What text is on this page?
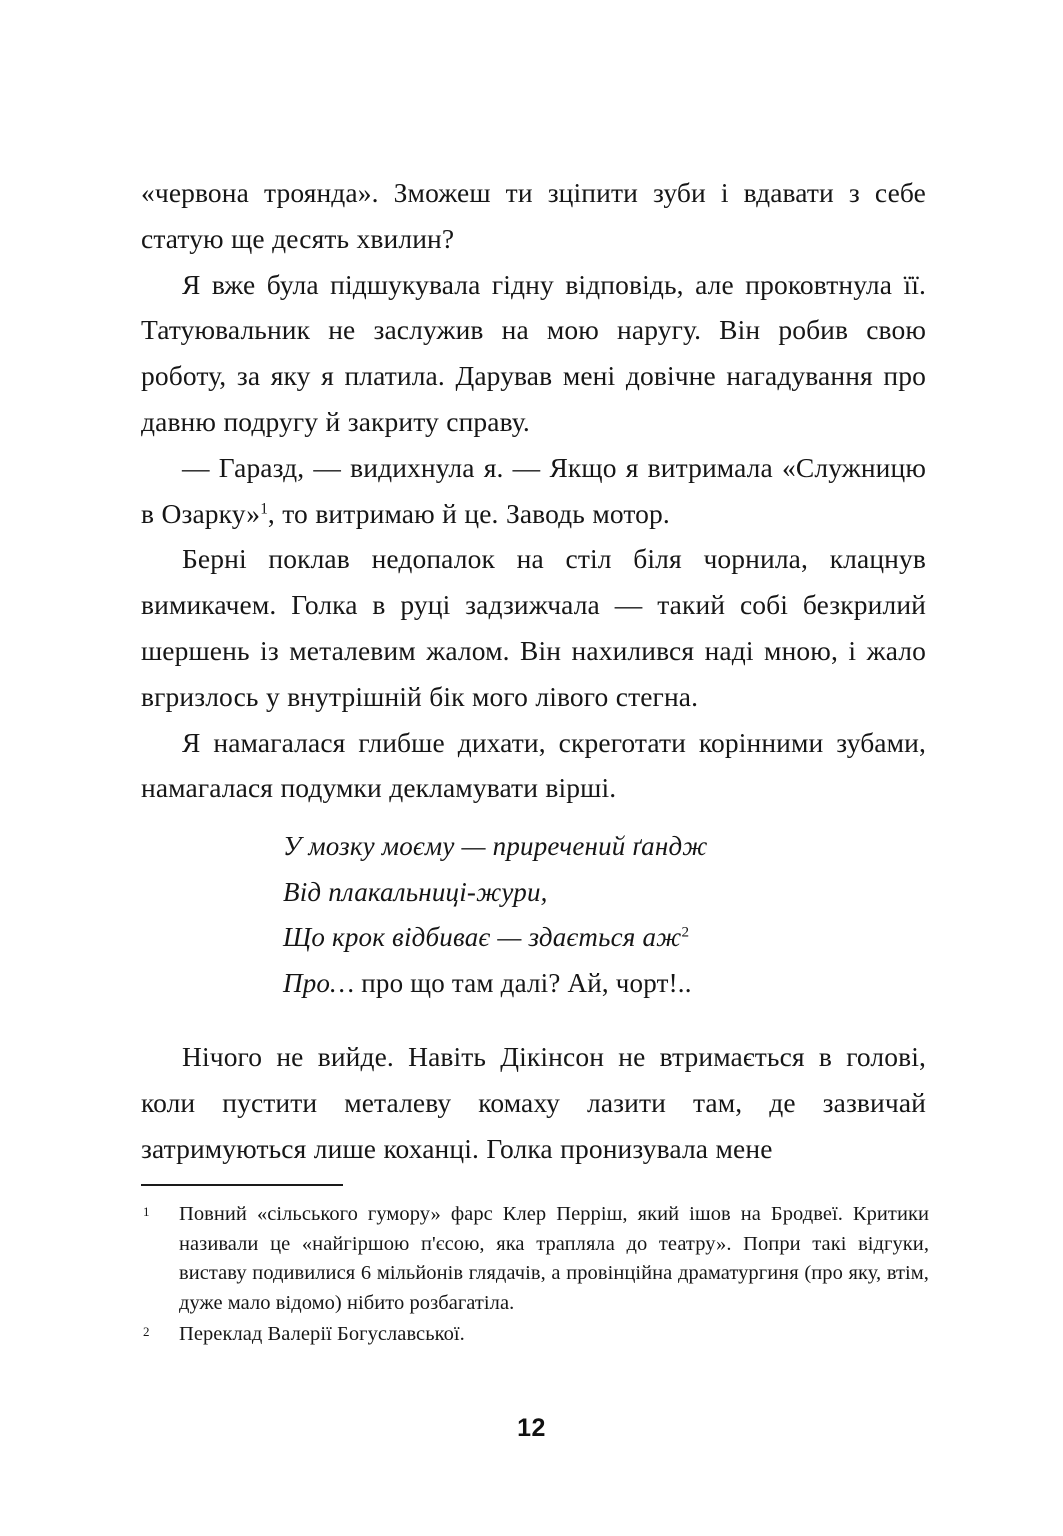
«червона троянда». Зможеш ти зціпити зуби і вдавати з себе статую ще десять хвилин?

Я вже була підшукувала гідну відповідь, але проковтнула її. Татуювальник не заслужив на мою наругу. Він робив свою роботу, за яку я платила. Дарував мені довічне нагадування про давню подругу й закриту справу.

— Гаразд, — видихнула я. — Якщо я витримала «Служницю в Озарку»$^1$, то витримаю й це. Заводь мотор.

Берні поклав недопалок на стіл біля чорнила, клацнув вимикачем. Голка в руці задзижчала — такий собі безкрилий шершень із металевим жалом. Він нахилився наді мною, і жало вгризлось у внутрішній бік мого лівого стегна.

Я намагалася глибше дихати, скреготати корінними зубами, намагалася подумки декламувати вірші.

У мозку моєму — приречений ґандж

Від плакальниці-жури,

Що крок відбиває — здається аж$^2$

Про… про що там далі? Ай, чорт!..

Нічого не вийде. Навіть Дікінсон не втримається в голові, коли пустити металеву комаху лазити там, де зазвичай затримуються лише коханці. Голка пронизувала мене

1 Повний «сільського гумору» фарс Клер Перріш, який ішов на Бродвеї. Критики називали це «найгіршою п'єсою, яка трапляла до театру». Попри такі відгуки, виставу подивилися 6 мільйонів глядачів, а провінційна драматургиня (про яку, втім, дуже мало відомо) нібито розбагатіла.

2 Переклад Валерії Богуславської.

12
